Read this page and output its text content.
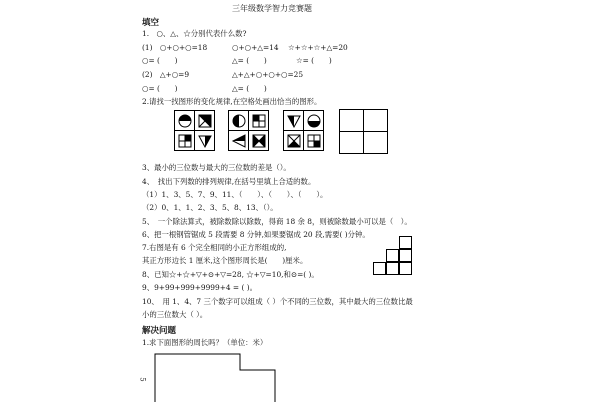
三年级数学智力竞赛题
填空
1.　○、△、☆分别代表什么数?
(1)　○+○+○=18	○+○+△=14 ☆+☆+☆+△=20
○= (　　)	△= (　　)	☆= (　　)
(2)　△+○=9	△+△+○+○+○=25
○= (　　)	△= (　　)
2.请找一找图形的变化规律,在空格处画出恰当的图形。
3、最小的三位数与最大的三位数的差是（）。
4、　找出下列数的排列规律,在括号里填上合适的数。
（1）1、3、5、7、9、11、（　　）、（　　）、（　　）。
（2）0、1、1、2、3、5、8、13、（）。
5、　一个除法算式，被除数除以除数，得商 18 余 8，则被除数最小可以是（　）。
6、把一根钢管锯成 5 段需要 8 分钟,如果要锯成 20 段,需要( )分钟。
7.右图是有 6 个完全相同的小正方形组成的,
其正方形边长 1 厘米,这个图形周长是(　　)厘米。
8、已知☆+☆+▽+⊙+▽=28, ☆+▽=10,和⊙=( )。
9、9+99+999+9999+4 = ( )。
10、　用 1、4、7 三个数字可以组成（ ）个不同的三位数，其中最大的三位数比最
小的三位数大（ ）。
解决问题
1.求下面图形的周长吗？（单位：米）
5
